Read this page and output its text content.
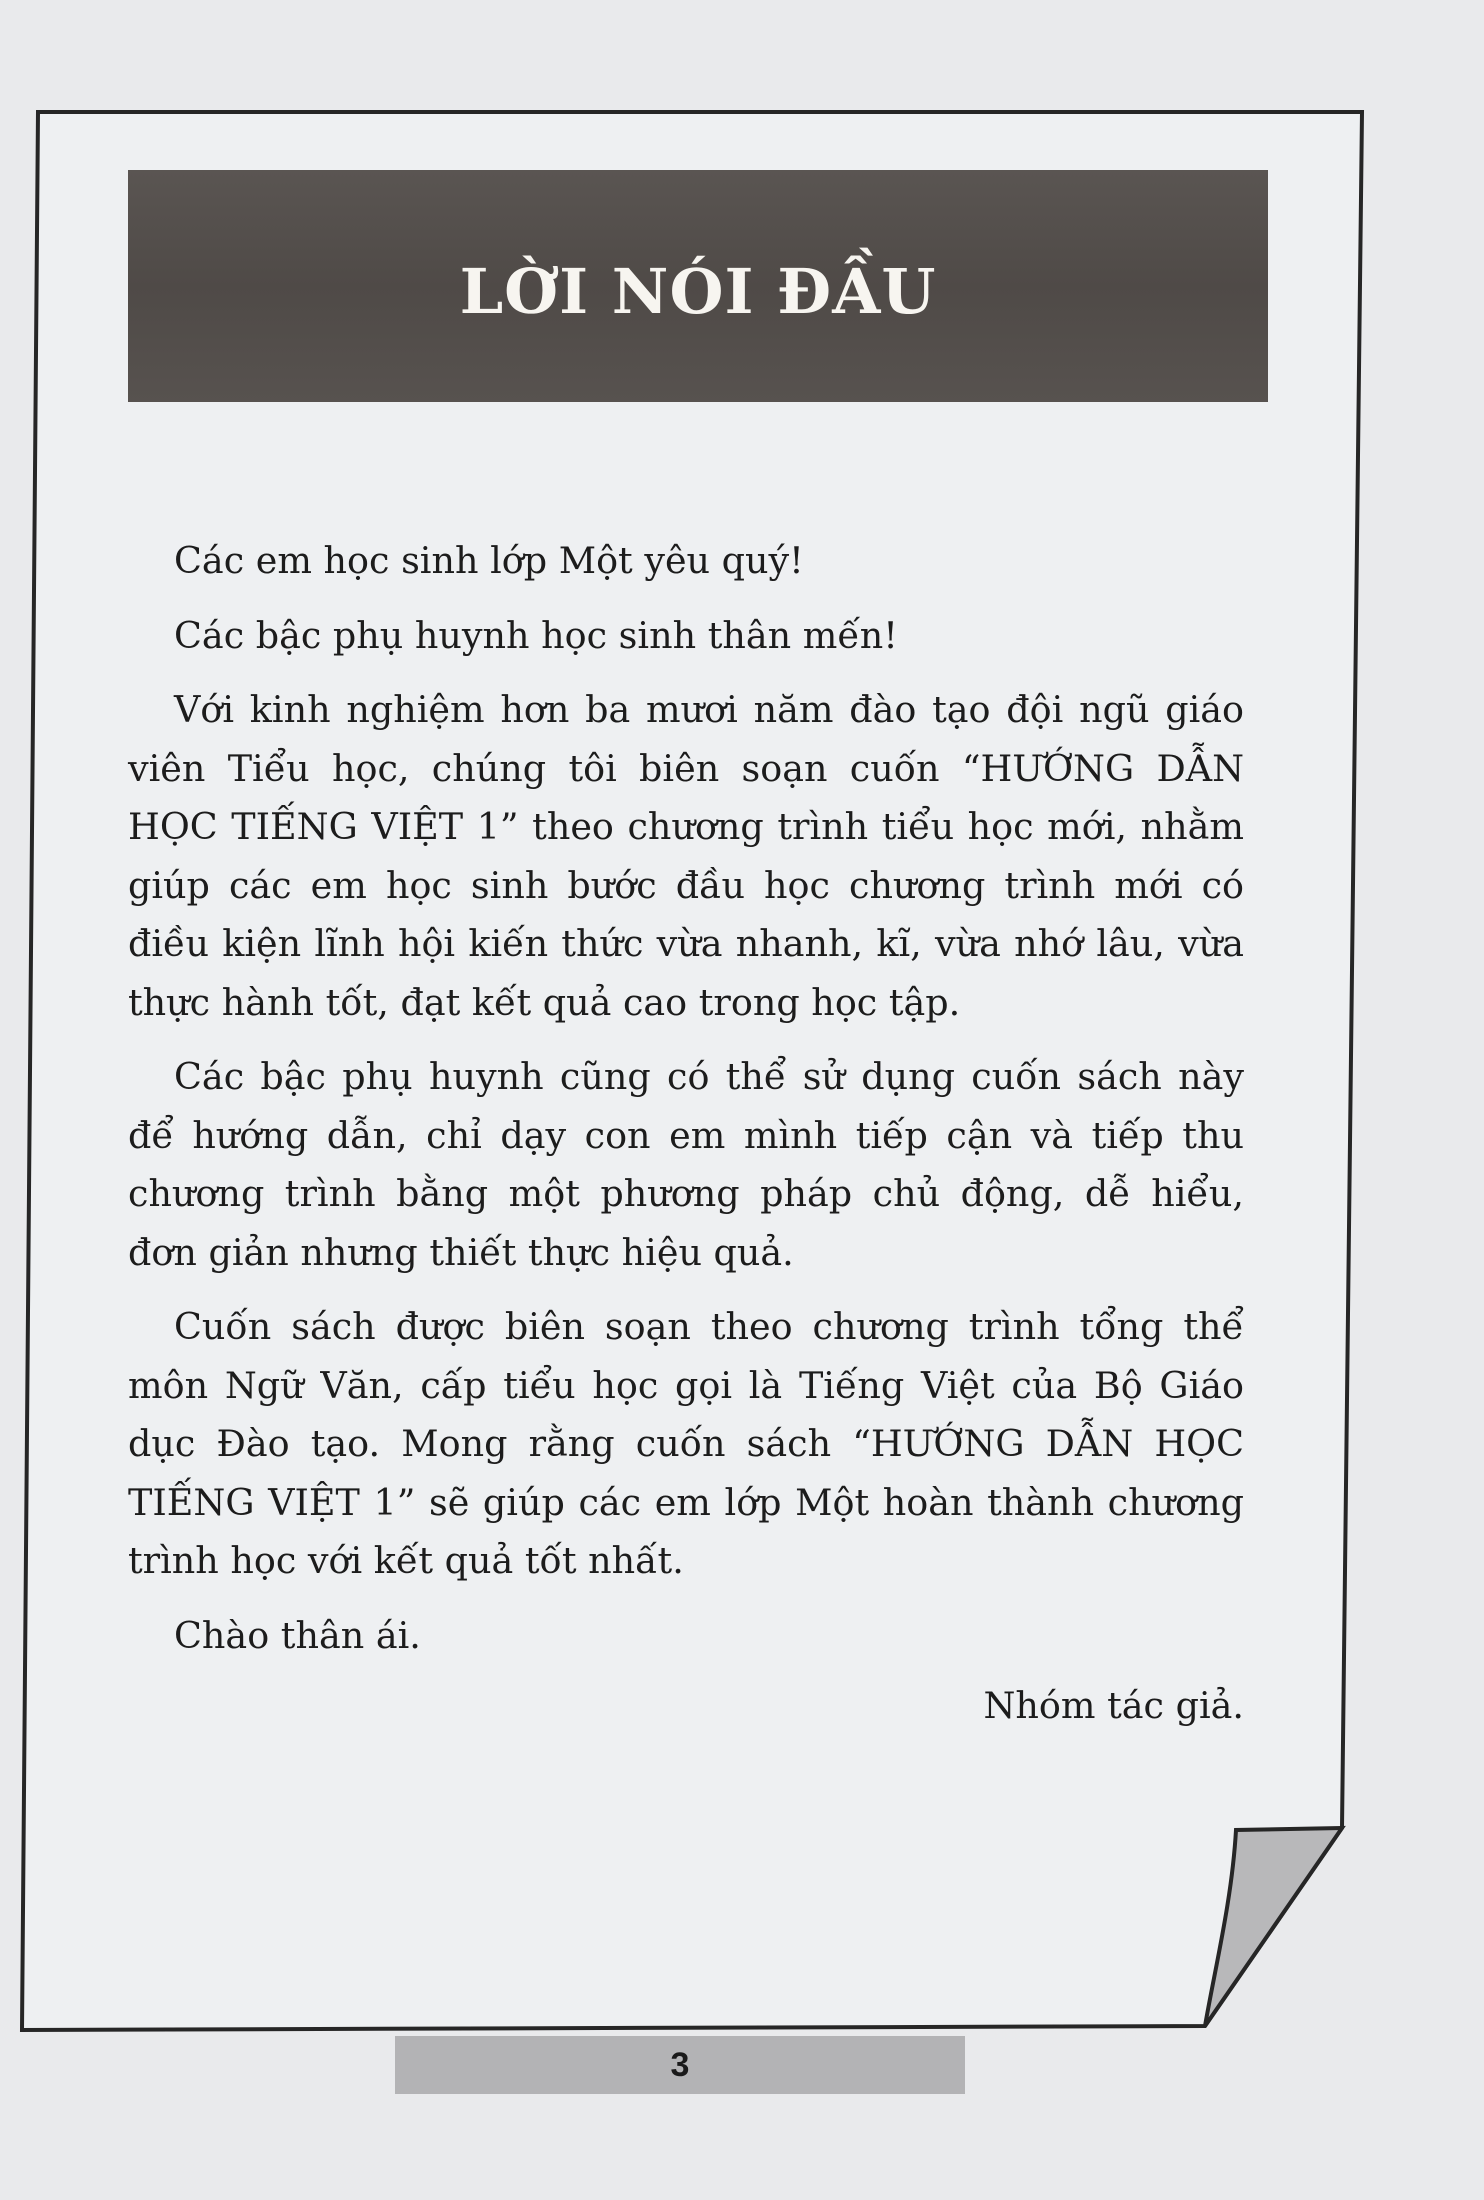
LỜI NÓI ĐẦU

Các em học sinh lớp Một yêu quý!

Các bậc phụ huynh học sinh thân mến!

Với kinh nghiệm hơn ba mươi năm đào tạo đội ngũ giáo viên Tiểu học, chúng tôi biên soạn cuốn “HƯỚNG DẪN HỌC TIẾNG VIỆT 1” theo chương trình tiểu học mới, nhằm giúp các em học sinh bước đầu học chương trình mới có điều kiện lĩnh hội kiến thức vừa nhanh, kĩ, vừa nhớ lâu, vừa thực hành tốt, đạt kết quả cao trong học tập.

Các bậc phụ huynh cũng có thể sử dụng cuốn sách này để hướng dẫn, chỉ dạy con em mình tiếp cận và tiếp thu chương trình bằng một phương pháp chủ động, dễ hiểu, đơn giản nhưng thiết thực hiệu quả.

Cuốn sách được biên soạn theo chương trình tổng thể môn Ngữ Văn, cấp tiểu học gọi là Tiếng Việt của Bộ Giáo dục Đào tạo. Mong rằng cuốn sách “HƯỚNG DẪN HỌC TIẾNG VIỆT 1” sẽ giúp các em lớp Một hoàn thành chương trình học với kết quả tốt nhất.

Chào thân ái.

Nhóm tác giả.

3
